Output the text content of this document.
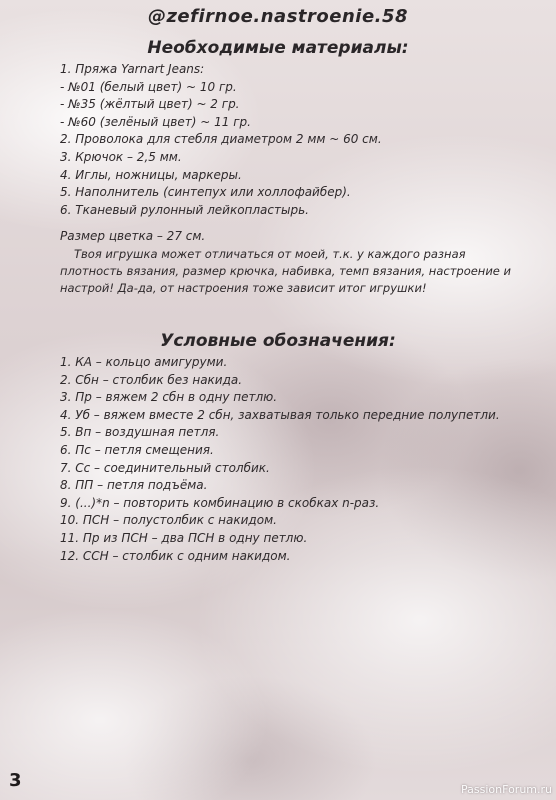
@zefirnoe.nastroenie.58
Необходимые материалы:
1. Пряжа Yarnart Jeans:
- №01 (белый цвет) ~ 10 гр.
- №35 (жёлтый цвет) ~ 2 гр.
- №60 (зелёный цвет) ~ 11 гр.
2. Проволока для стебля диаметром 2 мм ~ 60 см.
3. Крючок – 2,5 мм.
4. Иглы, ножницы, маркеры.
5. Наполнитель (синтепух или холлофайбер).
6. Тканевый рулонный лейкопластырь.
Размер цветка – 27 см.

Твоя игрушка может отличаться от моей, т.к. у каждого разная плотность вязания, размер крючка, набивка, темп вязания, настроение и настрой! Да-да, от настроения тоже зависит итог игрушки!

Условные обозначения:
1. КА – кольцо амигуруми.
2. Сбн – столбик без накида.
3. Пр – вяжем 2 сбн в одну петлю.
4. Уб – вяжем вместе 2 сбн, захватывая только передние полупетли.
5. Вп – воздушная петля.
6. Пс – петля смещения.
7. Сс – соединительный столбик.
8. ПП – петля подъёма.
9. (...)*n – повторить комбинацию в скобках n-раз.
10. ПСН – полустолбик с накидом.
11. Пр из ПСН – два ПСН в одну петлю.
12. ССН – столбик с одним накидом.
3	PassionForum.ru
